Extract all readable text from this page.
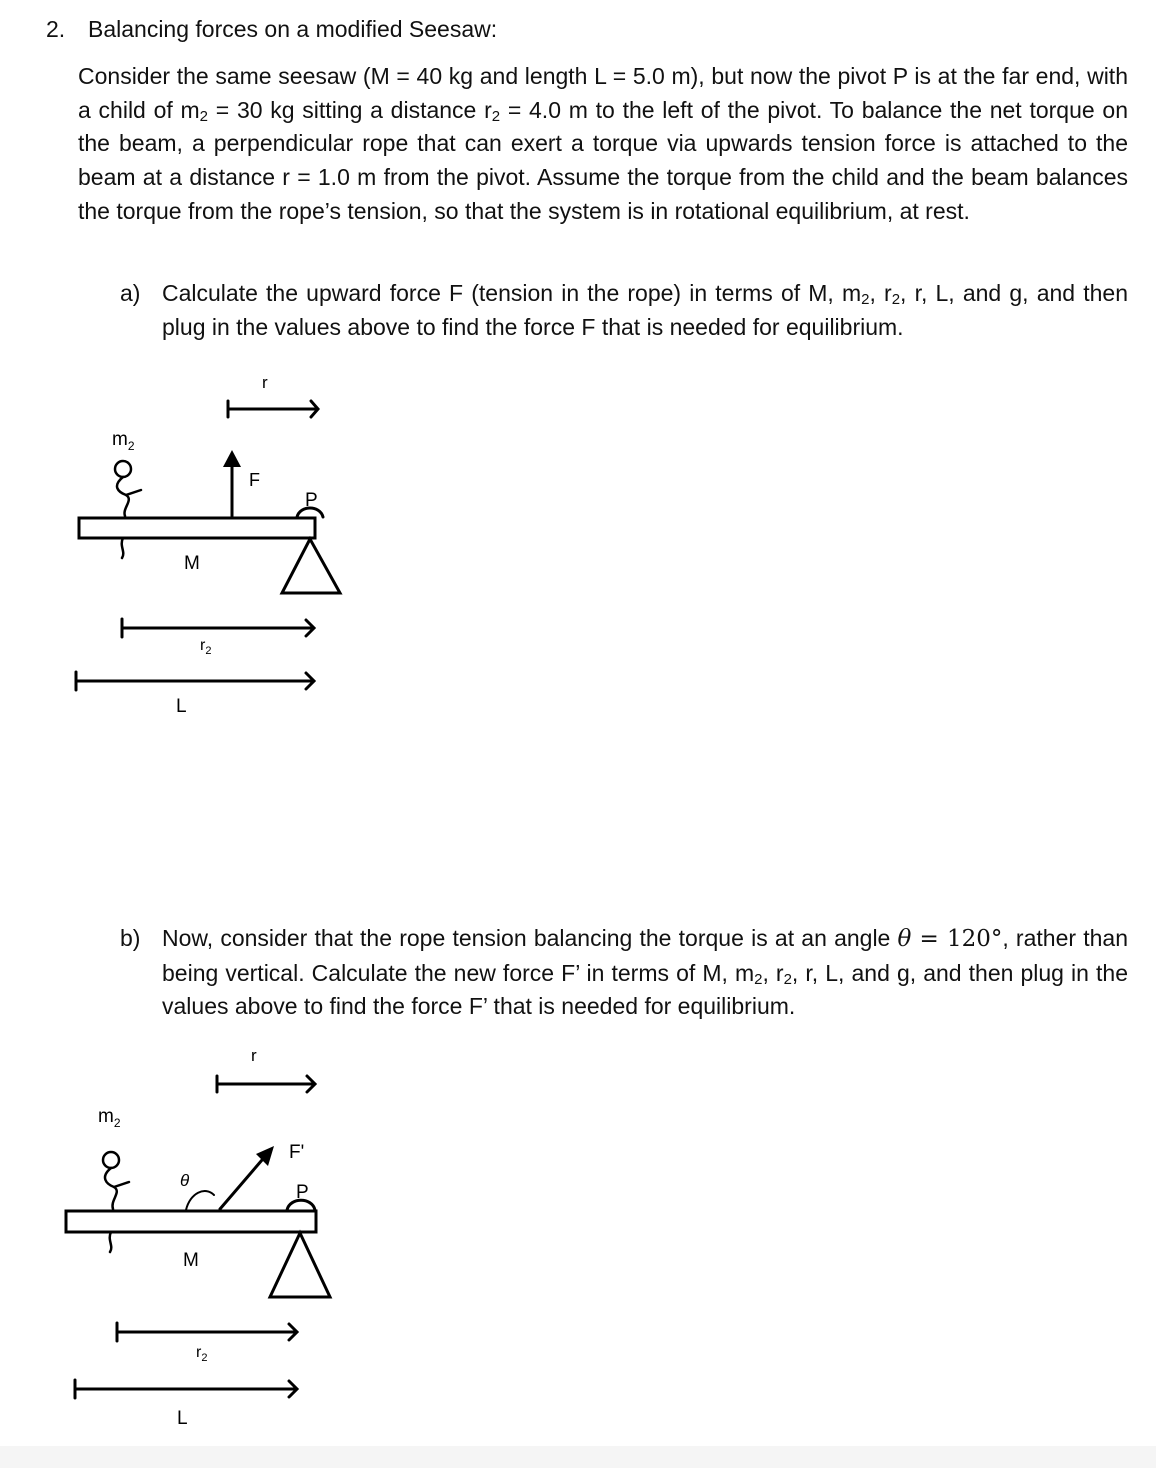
2. Balancing forces on a modified Seesaw:

Consider the same seesaw (M = 40 kg and length L = 5.0 m), but now the pivot P is at the far end, with a child of $m_2 = 30$ kg sitting a distance $r_2 = 4.0$ m to the left of the pivot. To balance the net torque on the beam, a perpendicular rope that can exert a torque via upwards tension force is attached to the beam at a distance r = 1.0 m from the pivot. Assume the torque from the child and the beam balances the torque from the rope’s tension, so that the system is in rotational equilibrium, at rest.

a) Calculate the upward force F (tension in the rope) in terms of M, $m_2$, $r_2$, r, L, and g, and then plug in the values above to find the force F that is needed for equilibrium.
$m_2$
r
F
P
M
$r_2$
L
b) Now, consider that the rope tension balancing the torque is at an angle θ = 120°, rather than being vertical. Calculate the new force F’ in terms of M, $m_2$, $r_2$, r, L, and g, and then plug in the values above to find the force F’ that is needed for equilibrium.
$m_2$
r
F'
P
θ
M
$r_2$
L
